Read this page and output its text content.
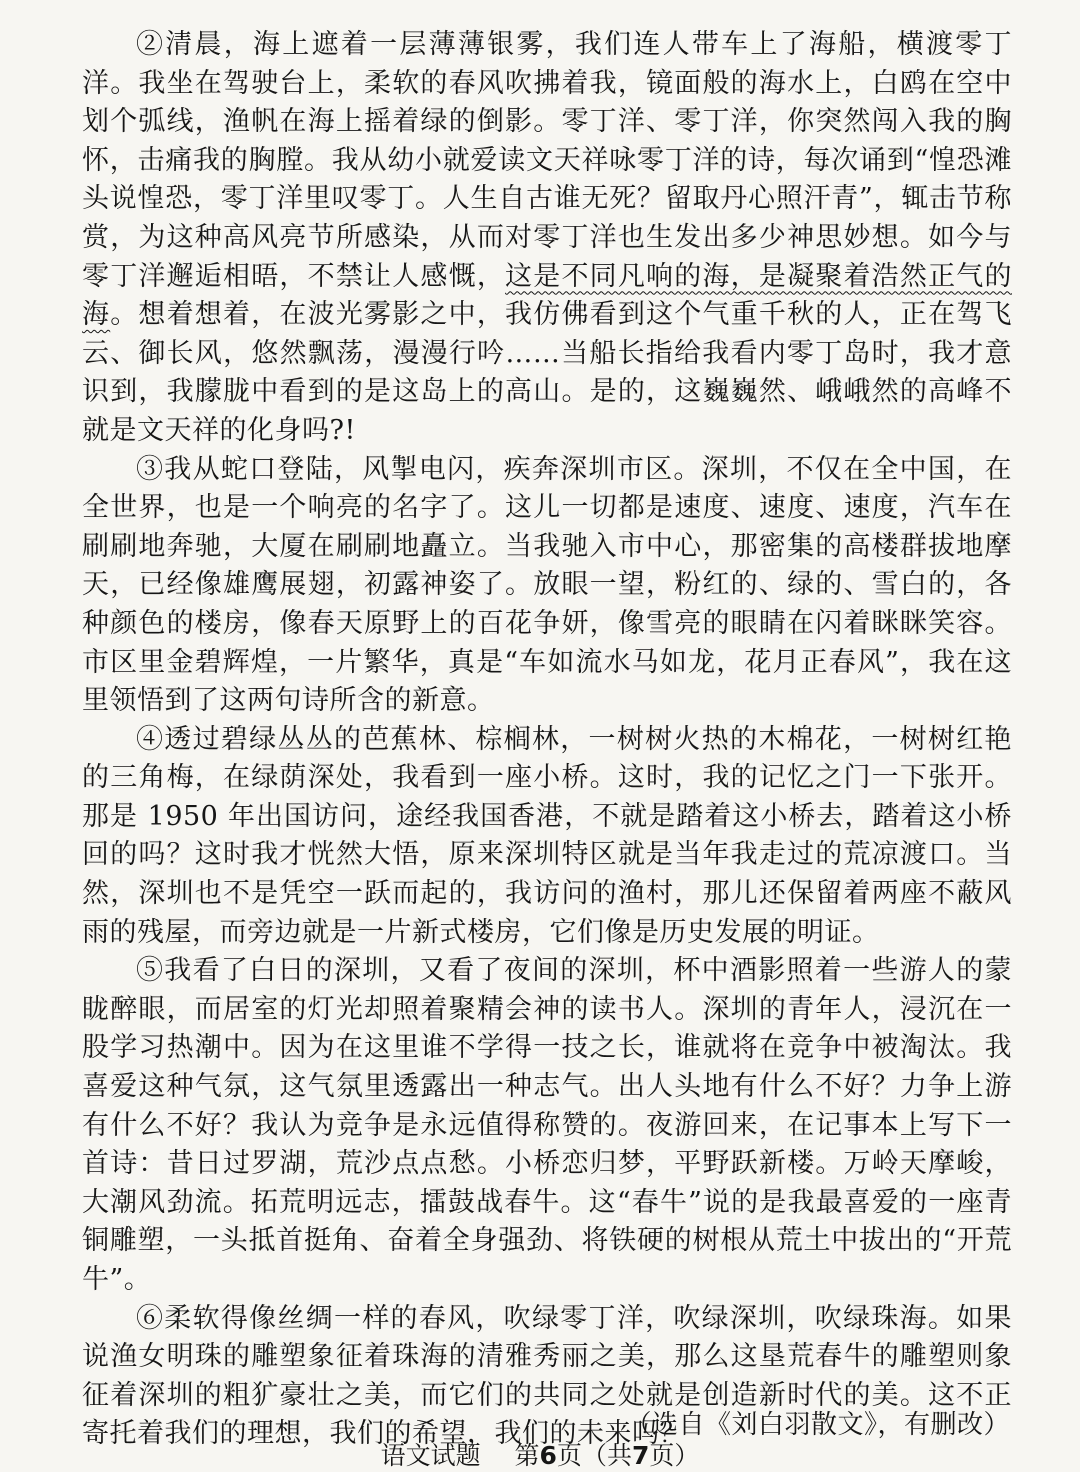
②清晨，海上遮着一层薄薄银雾，我们连人带车上了海船，横渡零丁洋。我坐在驾驶台上，柔软的春风吹拂着我，镜面般的海水上，白鸥在空中划个弧线，渔帆在海上摇着绿的倒影。零丁洋、零丁洋，你突然闯入我的胸怀，击痛我的胸膛。我从幼小就爱读文天祥咏零丁洋的诗，每次诵到“惶恐滩头说惶恐，零丁洋里叹零丁。人生自古谁无死？留取丹心照汗青”，辄击节称赏，为这种高风亮节所感染，从而对零丁洋也生发出多少神思妙想。如今与零丁洋邂逅相晤，不禁让人感慨，这是不同凡响的海，是凝聚着浩然正气的海。想着想着，在波光雾影之中，我仿佛看到这个气重千秋的人，正在驾飞云、御长风，悠然飘荡，漫漫行吟……当船长指给我看内零丁岛时，我才意识到，我朦胧中看到的是这岛上的高山。是的，这巍巍然、峨峨然的高峰不就是文天祥的化身吗?!

③我从蛇口登陆，风掣电闪，疾奔深圳市区。深圳，不仅在全中国，在全世界，也是一个响亮的名字了。这儿一切都是速度、速度、速度，汽车在刷刷地奔驰，大厦在刷刷地矗立。当我驰入市中心，那密集的高楼群拔地摩天，已经像雄鹰展翅，初露神姿了。放眼一望，粉红的、绿的、雪白的，各种颜色的楼房，像春天原野上的百花争妍，像雪亮的眼睛在闪着眯眯笑容。市区里金碧辉煌，一片繁华，真是“车如流水马如龙，花月正春风”，我在这里领悟到了这两句诗所含的新意。

④透过碧绿丛丛的芭蕉林、棕榈林，一树树火热的木棉花，一树树红艳的三角梅，在绿荫深处，我看到一座小桥。这时，我的记忆之门一下张开。那是 1950 年出国访问，途经我国香港，不就是踏着这小桥去，踏着这小桥回的吗？这时我才恍然大悟，原来深圳特区就是当年我走过的荒凉渡口。当然，深圳也不是凭空一跃而起的，我访问的渔村，那儿还保留着两座不蔽风雨的残屋，而旁边就是一片新式楼房，它们像是历史发展的明证。

⑤我看了白日的深圳，又看了夜间的深圳，杯中酒影照着一些游人的蒙眬醉眼，而居室的灯光却照着聚精会神的读书人。深圳的青年人，浸沉在一股学习热潮中。因为在这里谁不学得一技之长，谁就将在竞争中被淘汰。我喜爱这种气氛，这气氛里透露出一种志气。出人头地有什么不好？力争上游有什么不好？我认为竞争是永远值得称赞的。夜游回来，在记事本上写下一首诗：昔日过罗湖，荒沙点点愁。小桥恋归梦，平野跃新楼。万岭天摩峻，大潮风劲流。拓荒明远志，擂鼓战春牛。这“春牛”说的是我最喜爱的一座青铜雕塑，一头抵首挺角、奋着全身强劲、将铁硬的树根从荒土中拔出的“开荒牛”。

⑥柔软得像丝绸一样的春风，吹绿零丁洋，吹绿深圳，吹绿珠海。如果说渔女明珠的雕塑象征着珠海的清雅秀丽之美，那么这垦荒春牛的雕塑则象征着深圳的粗犷豪壮之美，而它们的共同之处就是创造新时代的美。这不正寄托着我们的理想，我们的希望，我们的未来吗？

（选自《刘白羽散文》，有删改）
语文试题 第6页（共7页）
